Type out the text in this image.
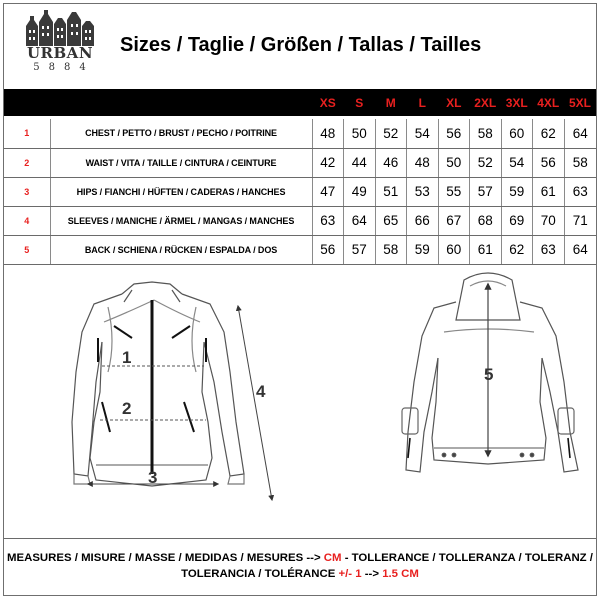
URBAN
5884
Sizes / Taglie / Größen / Tallas / Tailles
		XS	S	M	L	XL	2XL	3XL	4XL	5XL

1	CHEST / PETTO / BRUST / PECHO / POITRINE	48	50	52	54	56	58	60	62	64
2	WAIST / VITA / TAILLE / CINTURA / CEINTURE	42	44	46	48	50	52	54	56	58
3	HIPS / FIANCHI / HÜFTEN / CADERAS / HANCHES	47	49	51	53	55	57	59	61	63
4	SLEEVES / MANICHE / ÄRMEL / MANGAS / MANCHES	63	64	65	66	67	68	69	70	71
5	BACK / SCHIENA / RÜCKEN / ESPALDA / DOS	56	57	58	59	60	61	62	63	64
1
2
3
4
5
MEASURES / MISURE / MASSE / MEDIDAS / MESURES --> CM - TOLLERANCE / TOLLERANZA / TOLERANZ /
TOLERANCIA / TOLÉRANCE +/- 1 --> 1.5 CM
